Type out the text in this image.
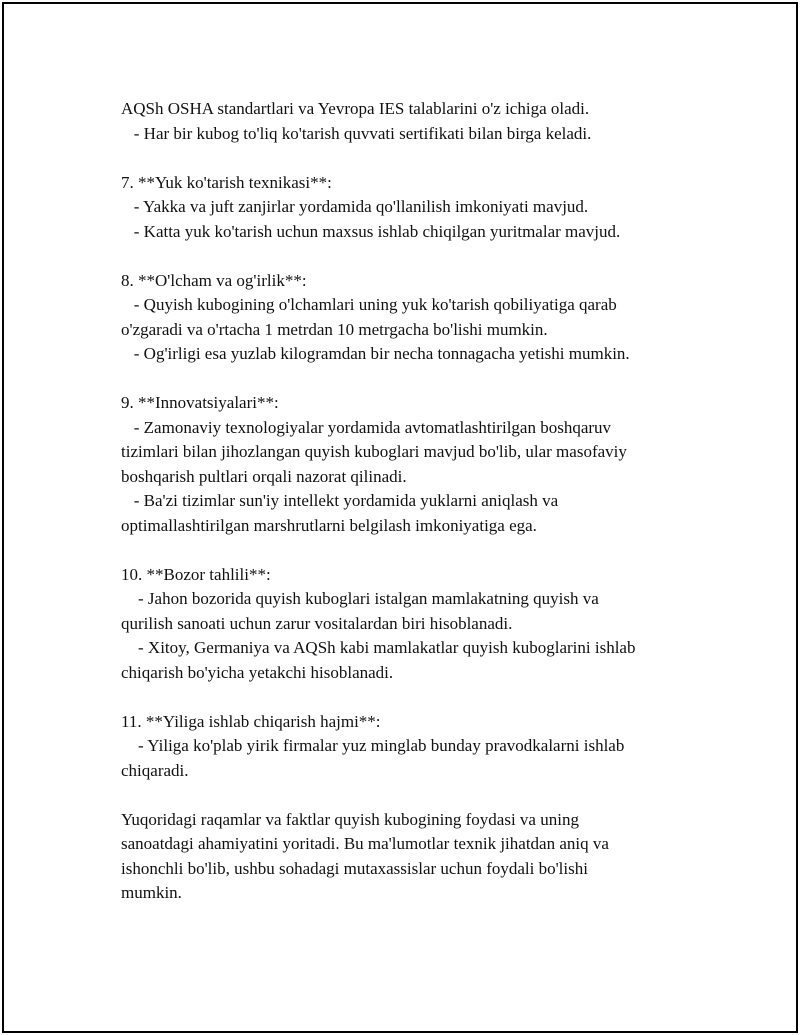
AQSh OSHA standartlari va Yevropa IES talablarini o'z ichiga oladi.
- Har bir kubog to'liq ko'tarish quvvati sertifikati bilan birga keladi.
7. **Yuk ko'tarish texnikasi**:
- Yakka va juft zanjirlar yordamida qo'llanilish imkoniyati mavjud.
- Katta yuk ko'tarish uchun maxsus ishlab chiqilgan yuritmalar mavjud.
8. **O'lcham va og'irlik**:
- Quyish kubogining o'lchamlari uning yuk ko'tarish qobiliyatiga qarab
o'zgaradi va o'rtacha 1 metrdan 10 metrgacha bo'lishi mumkin.
- Og'irligi esa yuzlab kilogramdan bir necha tonnagacha yetishi mumkin.
9. **Innovatsiyalari**:
- Zamonaviy texnologiyalar yordamida avtomatlashtirilgan boshqaruv
tizimlari bilan jihozlangan quyish kuboglari mavjud bo'lib, ular masofaviy
boshqarish pultlari orqali nazorat qilinadi.
- Ba'zi tizimlar sun'iy intellekt yordamida yuklarni aniqlash va
optimallashtirilgan marshrutlarni belgilash imkoniyatiga ega.
10. **Bozor tahlili**:
- Jahon bozorida quyish kuboglari istalgan mamlakatning quyish va
qurilish sanoati uchun zarur vositalardan biri hisoblanadi.
- Xitoy, Germaniya va AQSh kabi mamlakatlar quyish kuboglarini ishlab
chiqarish bo'yicha yetakchi hisoblanadi.
11. **Yiliga ishlab chiqarish hajmi**:
- Yiliga ko'plab yirik firmalar yuz minglab bunday pravodkalarni ishlab
chiqaradi.
Yuqoridagi raqamlar va faktlar quyish kubogining foydasi va uning
sanoatdagi ahamiyatini yoritadi. Bu ma'lumotlar texnik jihatdan aniq va
ishonchli bo'lib, ushbu sohadagi mutaxassislar uchun foydali bo'lishi
mumkin.
